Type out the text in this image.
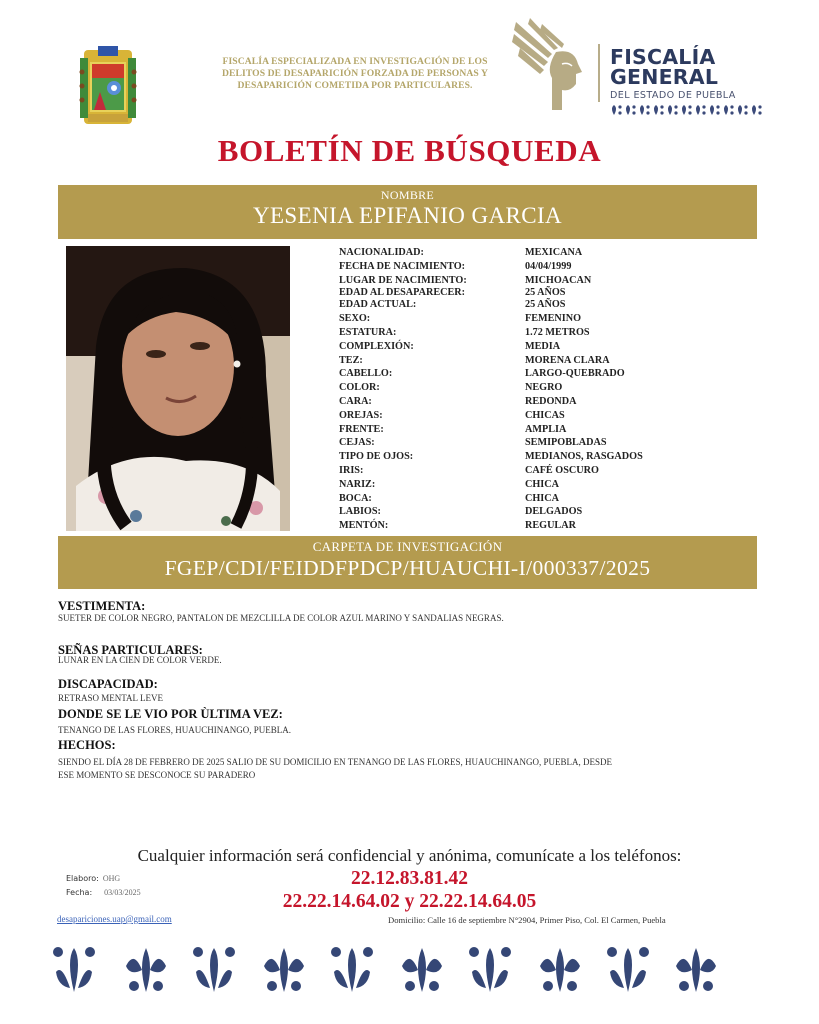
FISCALÍA ESPECIALIZADA EN INVESTIGACIÓN DE LOS DELITOS DE DESAPARICIÓN FORZADA DE PERSONAS Y DESAPARICIÓN COMETIDA POR PARTICULARES.
FISCALÍA
GENERAL
DEL ESTADO DE PUEBLA
BOLETÍN DE BÚSQUEDA
NOMBRE
YESENIA EPIFANIO GARCIA
NACIONALIDAD:	MEXICANA
FECHA DE NACIMIENTO:	04/04/1999
LUGAR DE NACIMIENTO:	MICHOACAN
EDAD AL DESAPARECER:	25 AÑOS
EDAD ACTUAL:	25 AÑOS
SEXO:	FEMENINO
ESTATURA:	1.72 METROS
COMPLEXIÓN:	MEDIA
TEZ:	MORENA CLARA
CABELLO:	LARGO-QUEBRADO
COLOR:	NEGRO
CARA:	REDONDA
OREJAS:	CHICAS
FRENTE:	AMPLIA
CEJAS:	SEMIPOBLADAS
TIPO DE OJOS:	MEDIANOS, RASGADOS
IRIS:	CAFÉ OSCURO
NARIZ:	CHICA
BOCA:	CHICA
LABIOS:	DELGADOS
MENTÓN:	REGULAR
CARPETA DE INVESTIGACIÓN
FGEP/CDI/FEIDDFPDCP/HUAUCHI-I/000337/2025
VESTIMENTA:
SUETER DE COLOR NEGRO, PANTALON DE MEZCLILLA DE COLOR AZUL MARINO Y SANDALIAS NEGRAS.
SEÑAS PARTICULARES:
LUNAR EN LA CIEN DE COLOR VERDE.
DISCAPACIDAD:
RETRASO MENTAL LEVE
DONDE SE LE VIO POR ÙLTIMA VEZ:
TENANGO DE LAS FLORES, HUAUCHINANGO, PUEBLA.
HECHOS:
SIENDO EL DÍA 28 DE FEBRERO DE 2025 SALIO DE SU DOMICILIO EN TENANGO DE LAS FLORES, HUAUCHINANGO, PUEBLA, DESDE
ESE MOMENTO SE DESCONOCE SU PARADERO
Cualquier información será confidencial y anónima, comunícate a los teléfonos:
22.12.83.81.42
22.22.14.64.02 y 22.22.14.64.05
Elaboro: OHG
Fecha: 03/03/2025
desapariciones.uap@gmail.com	Domicilio: Calle 16 de septiembre N°2904, Primer Piso, Col. El Carmen, Puebla
